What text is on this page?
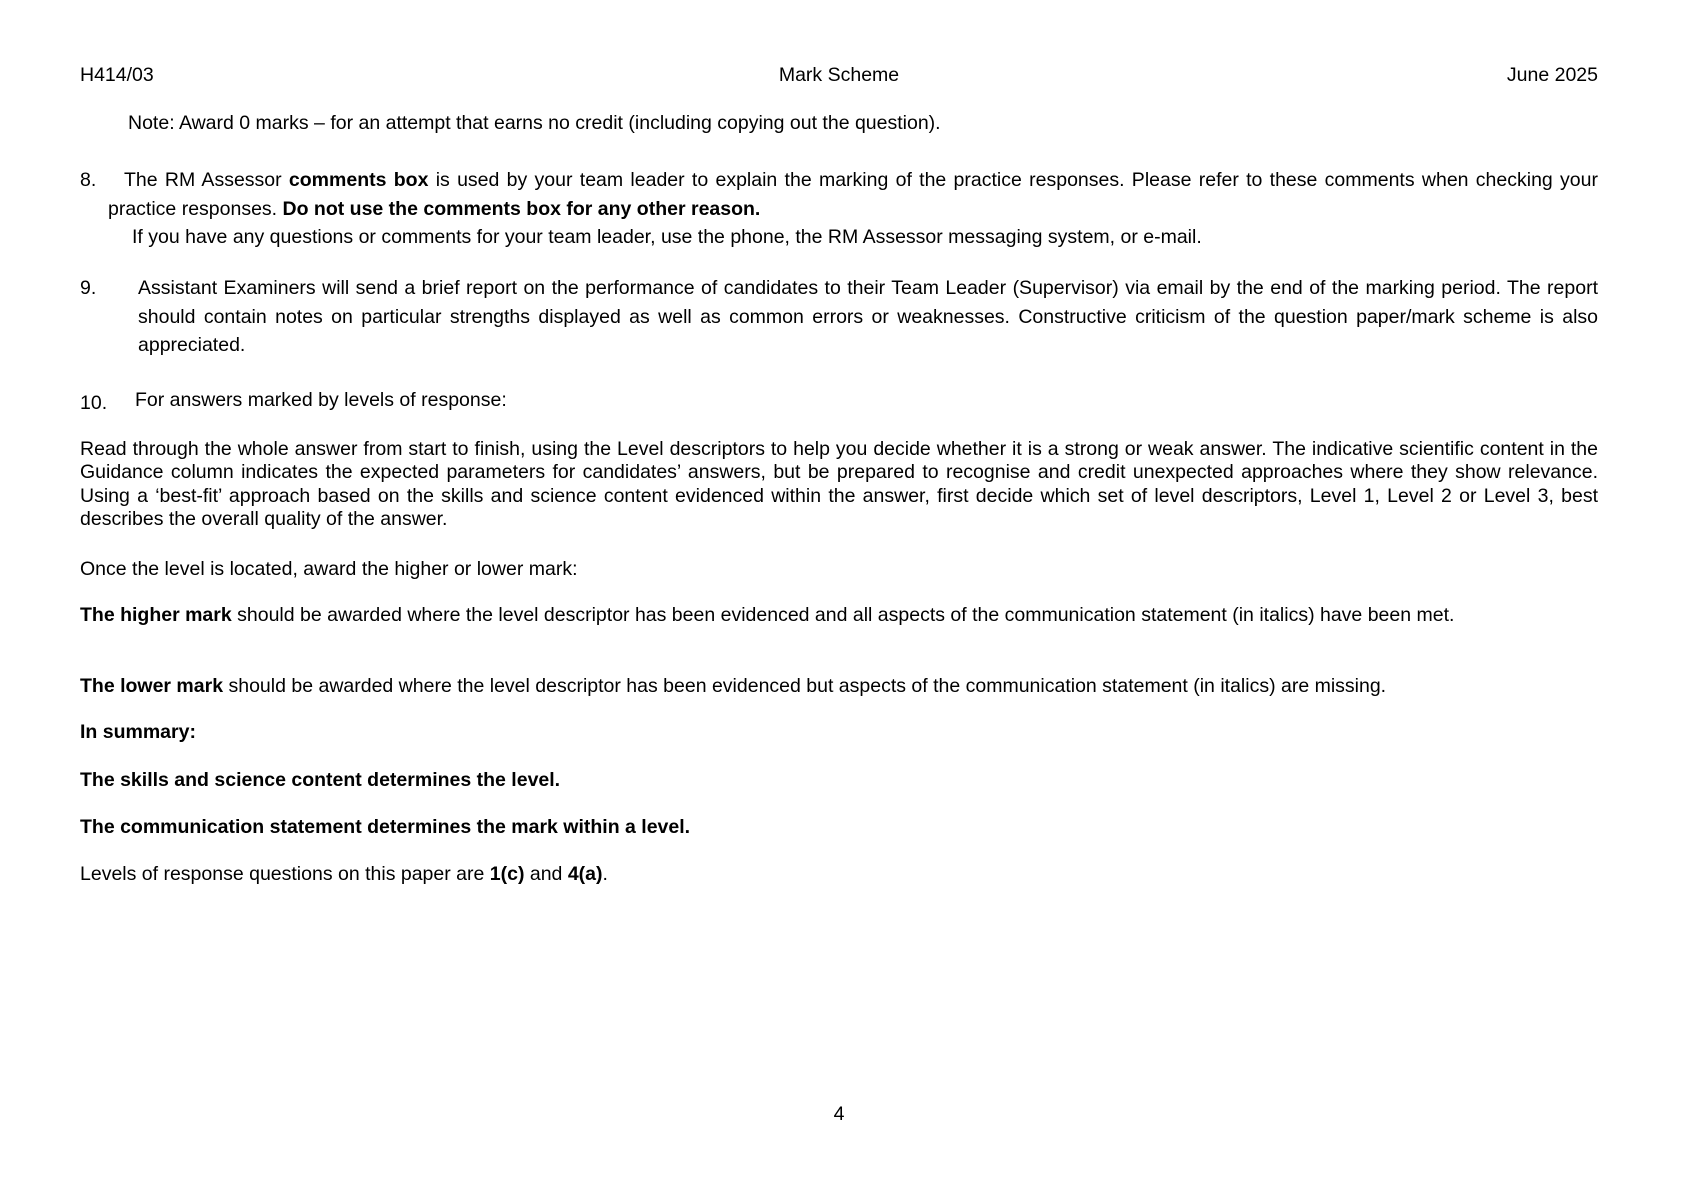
H414/03	Mark Scheme	June 2025
Note: Award 0 marks – for an attempt that earns no credit (including copying out the question).
8.	The RM Assessor comments box is used by your team leader to explain the marking of the practice responses. Please refer to these comments when checking your practice responses. Do not use the comments box for any other reason.

If you have any questions or comments for your team leader, use the phone, the RM Assessor messaging system, or e-mail.

9.	Assistant Examiners will send a brief report on the performance of candidates to their Team Leader (Supervisor) via email by the end of the marking period. The report should contain notes on particular strengths displayed as well as common errors or weaknesses. Constructive criticism of the question paper/mark scheme is also appreciated.

10.	For answers marked by levels of response:

Read through the whole answer from start to finish, using the Level descriptors to help you decide whether it is a strong or weak answer. The indicative scientific content in the Guidance column indicates the expected parameters for candidates’ answers, but be prepared to recognise and credit unexpected approaches where they show relevance. Using a ‘best-fit’ approach based on the skills and science content evidenced within the answer, first decide which set of level descriptors, Level 1, Level 2 or Level 3, best describes the overall quality of the answer.

Once the level is located, award the higher or lower mark:

The higher mark should be awarded where the level descriptor has been evidenced and all aspects of the communication statement (in italics) have been met.

The lower mark should be awarded where the level descriptor has been evidenced but aspects of the communication statement (in italics) are missing.

In summary:

The skills and science content determines the level.

The communication statement determines the mark within a level.

Levels of response questions on this paper are 1(c) and 4(a).

4
